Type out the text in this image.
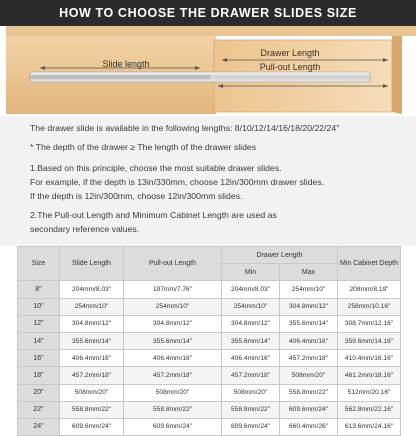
HOW TO CHOOSE THE DRAWER SLIDES SIZE
Slide length
Drawer Length
Pull-out Length

The drawer slide is available in the following lengths: 8/10/12/14/16/18/20/22/24"

* The depth of the drawer ≥ The length of the drawer slides

1.Based on this principle, choose the most suitable drawer slides.

For example, if the depth is 13in/330mm, choose 12in/300mm drawer slides.

If the depth is 12in/300mm, choose 12in/300mm slides.

2.The Pull-out Length and Minimum Cabinet Length are used as

secondary reference values.

Size	Slide Length	Pull-out Length	Drawer Length		Min Cabinet Depth
			Min	Max	
8"	204mm/8.03"	197mm/7.76"	204mm/8.03"	254mm/10"	208mm/8.19"
10"	254mm/10"	254mm/10"	254mm/10"	304.8mm/12"	258mm/10.16"
12"	304.8mm/12"	304.8mm/12"	304.8mm/12"	355.6mm/14"	308.7mm/12.16"
14"	355.6mm/14"	355.6mm/14"	355.6mm/14"	406.4mm/16"	359.6mm/14.16"
16"	406.4mm/16"	406.4mm/16"	406.4mm/16"	457.2mm/18"	410.4mm/16.16"
18"	457.2mm/18"	457.2mm/18"	457.2mm/18"	508mm/20"	461.2mm/18.16"
20"	508mm/20"	508mm/20"	508mm/20"	558.8mm/22"	512mm/20.16"
22"	558.8mm/22"	558.8mm/22"	558.8mm/22"	609.6mm/24"	562.8mm/22.16"
24"	609.6mm/24"	609.6mm/24"	609.6mm/24"	660.4mm/26"	613.6mm/24.16"
